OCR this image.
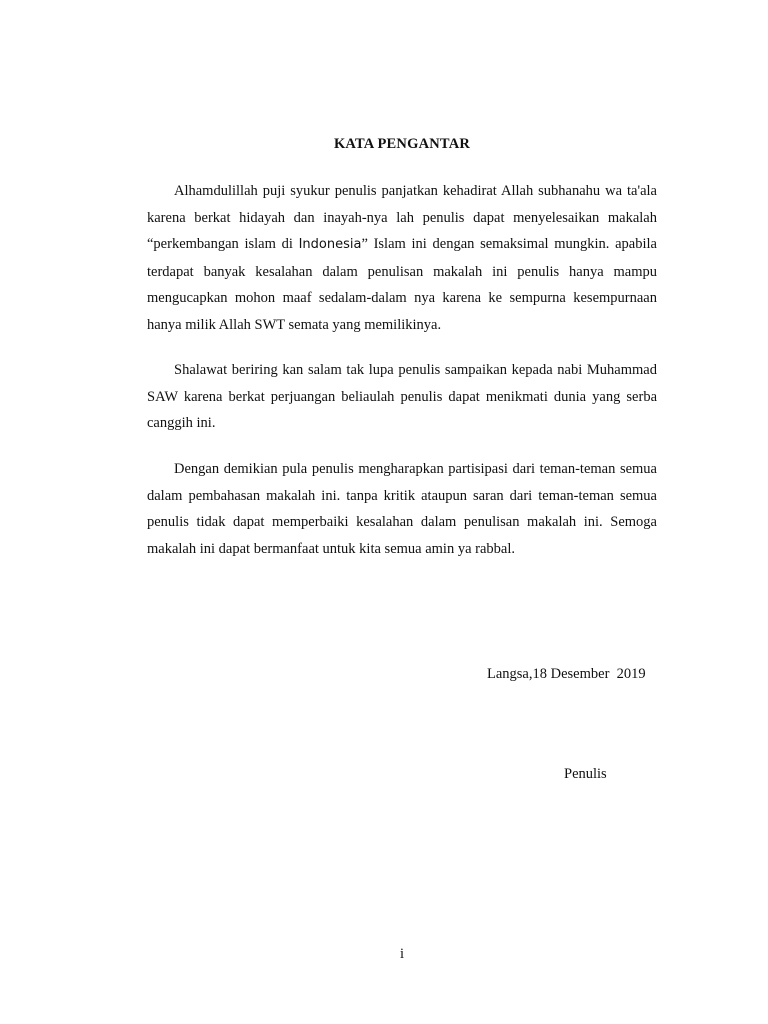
KATA PENGANTAR

Alhamdulillah puji syukur penulis panjatkan kehadirat Allah subhanahu wa ta'ala karena berkat hidayah dan inayah-nya lah penulis dapat menyelesaikan makalah “perkembangan islam di Indonesia” Islam ini dengan semaksimal mungkin. apabila terdapat banyak kesalahan dalam penulisan makalah ini penulis hanya mampu mengucapkan mohon maaf sedalam-dalam nya karena ke sempurna kesempurnaan hanya milik Allah SWT semata yang memilikinya.

Shalawat beriring kan salam tak lupa penulis sampaikan kepada nabi Muhammad SAW karena berkat perjuangan beliaulah penulis dapat menikmati dunia yang serba canggih ini.

Dengan demikian pula penulis mengharapkan partisipasi dari teman-teman semua dalam pembahasan makalah ini. tanpa kritik ataupun saran dari teman-teman semua penulis tidak dapat memperbaiki kesalahan dalam penulisan makalah ini. Semoga makalah ini dapat bermanfaat untuk kita semua amin ya rabbal.

Langsa,18 Desember  2019
Penulis
i
